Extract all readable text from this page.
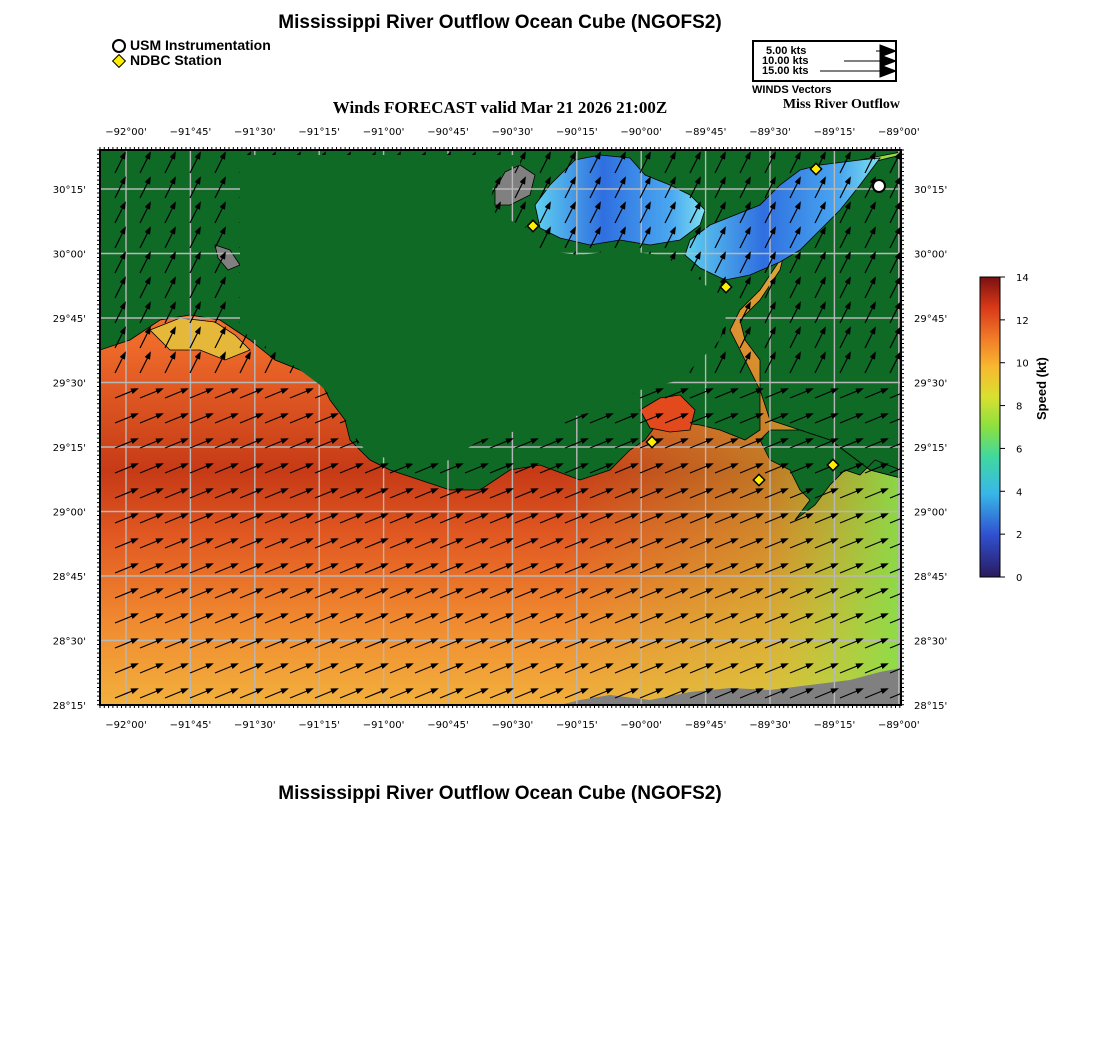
Mississippi River Outflow Ocean Cube (NGOFS2)
USM Instrumentation
NDBC Station
5.00 kts
10.00 kts
15.00 kts
WINDS Vectors
Winds FORECAST valid Mar 21 2026 21:00Z	Miss River Outflow
−92°00' −91°45' −91°30' −91°15' −91°00' −90°45' −90°30' −90°15' −90°00' −89°45' −89°30' −89°15' −89°00'
−92°00' −91°45' −91°30' −91°15' −91°00' −90°45' −90°30' −90°15' −90°00' −89°45' −89°30' −89°15' −89°00'
30°15'
30°00'
29°45'
29°30'
29°15'
29°00'
28°45'
28°30'
28°15'
30°15'
30°00'
29°45'
29°30'
29°15'
29°00'
28°45'
28°30'
28°15'
14
12
10
8
6
4
2
0
Speed (kt)
Mississippi River Outflow Ocean Cube (NGOFS2)
